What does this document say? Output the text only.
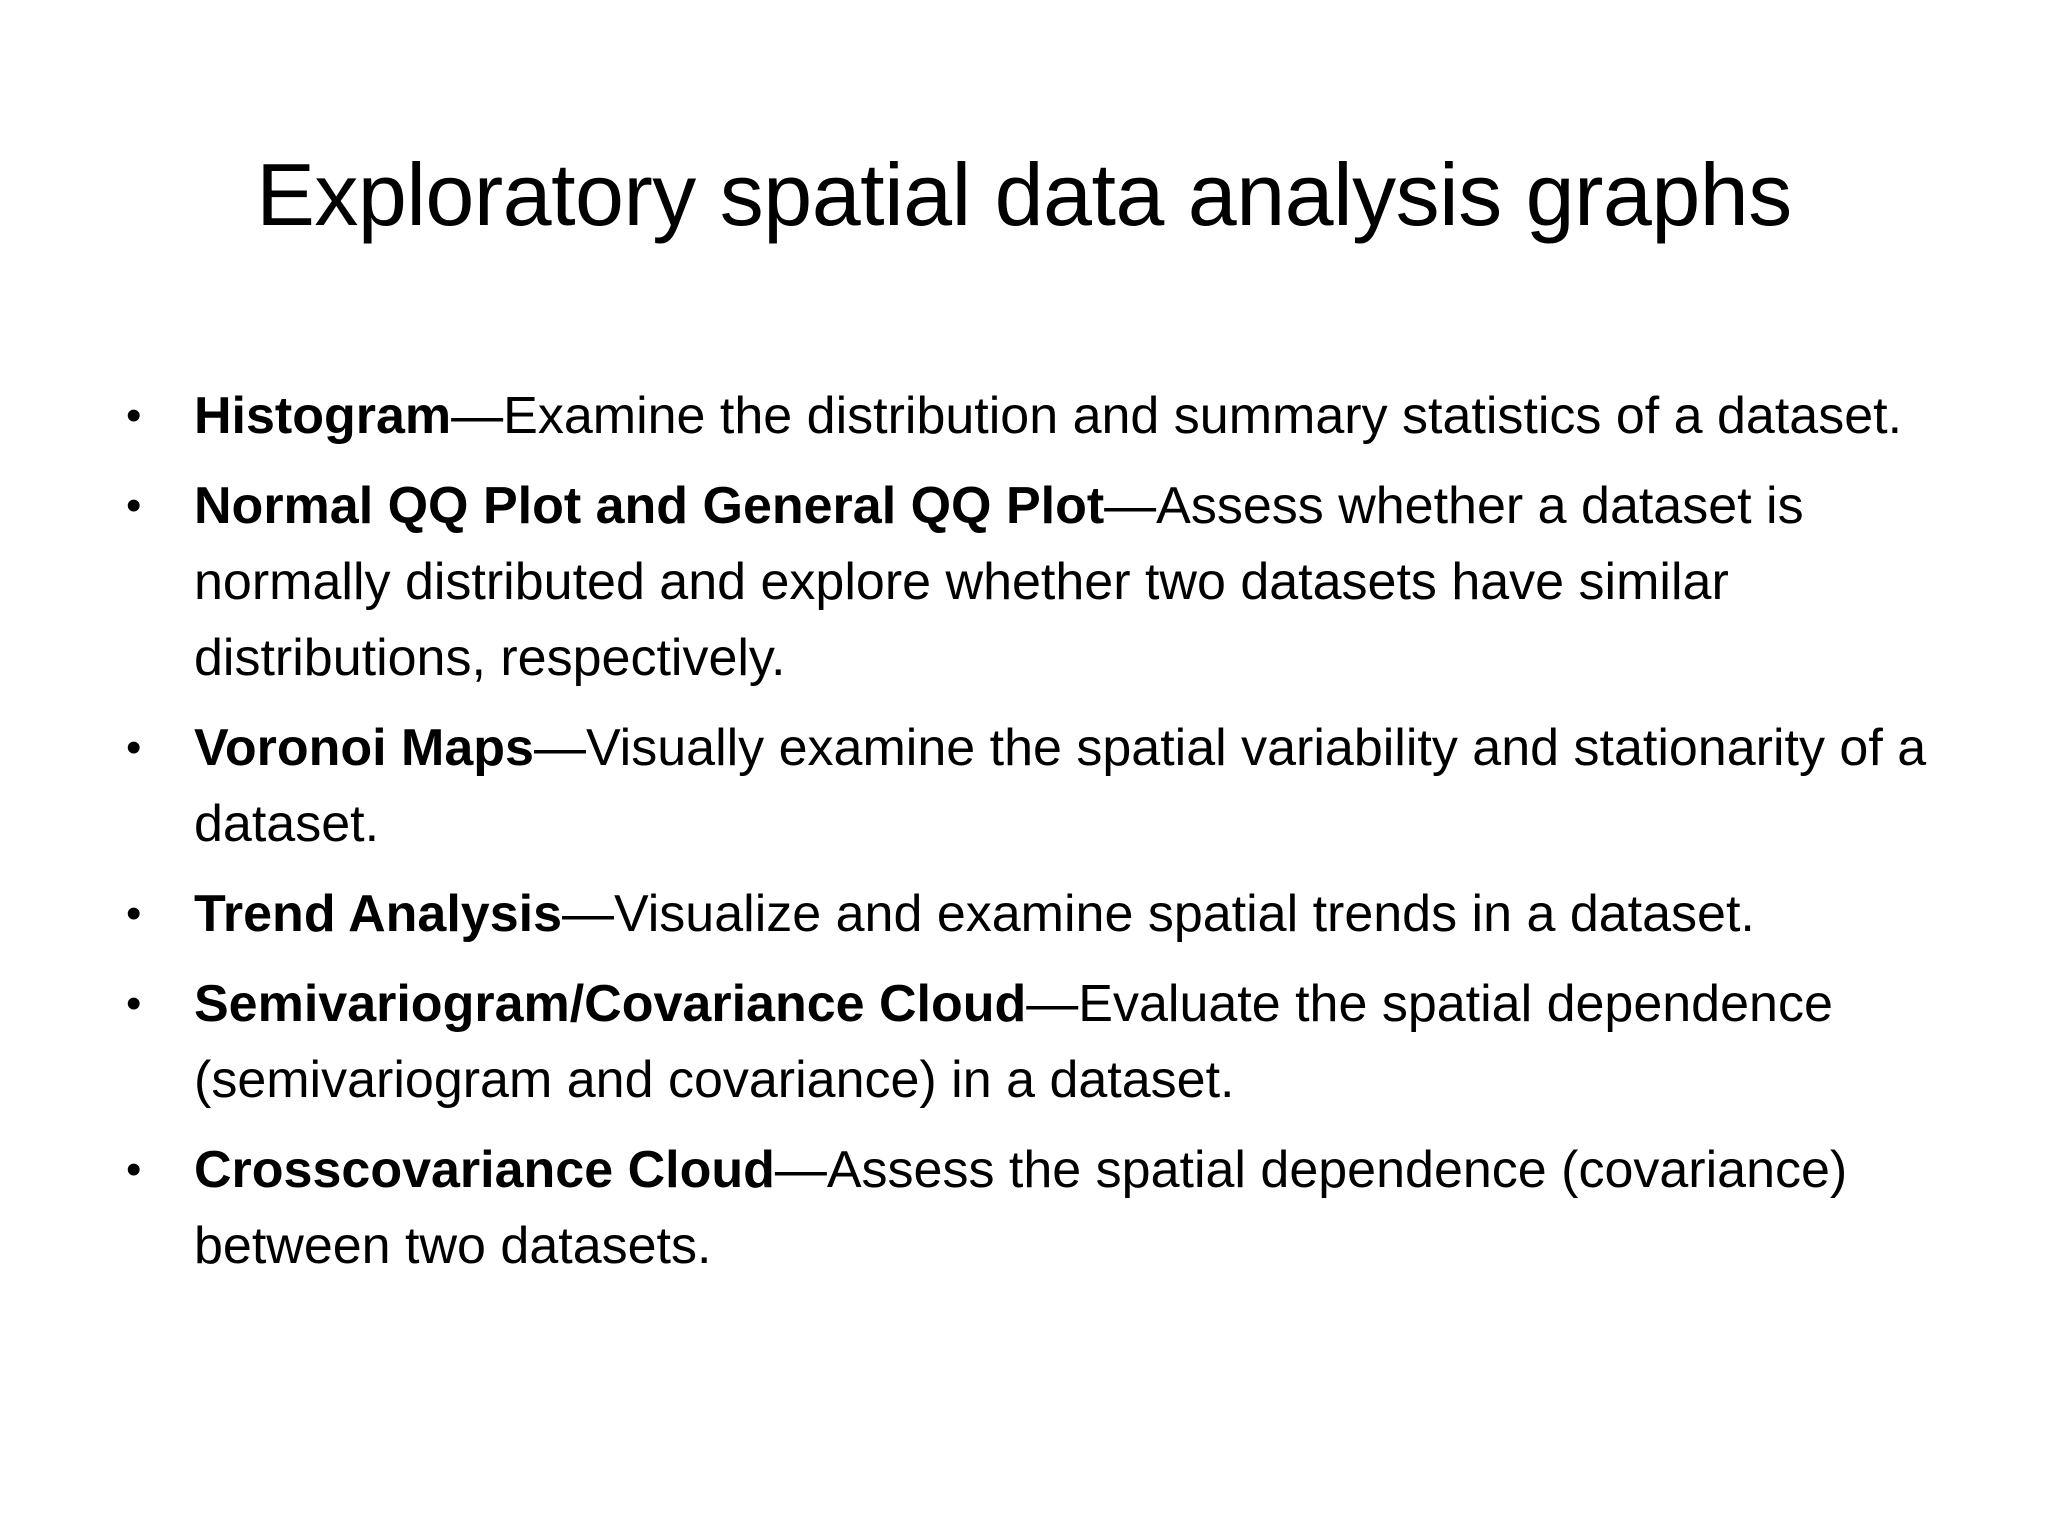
Exploratory spatial data analysis graphs
• Histogram—Examine the distribution and summary statistics of a dataset.
• Normal QQ Plot and General QQ Plot—Assess whether a dataset is normally distributed and explore whether two datasets have similar distributions, respectively.
• Voronoi Maps—Visually examine the spatial variability and stationarity of a dataset.
• Trend Analysis—Visualize and examine spatial trends in a dataset.
• Semivariogram/Covariance Cloud—Evaluate the spatial dependence (semivariogram and covariance) in a dataset.
• Crosscovariance Cloud—Assess the spatial dependence (covariance) between two datasets.
